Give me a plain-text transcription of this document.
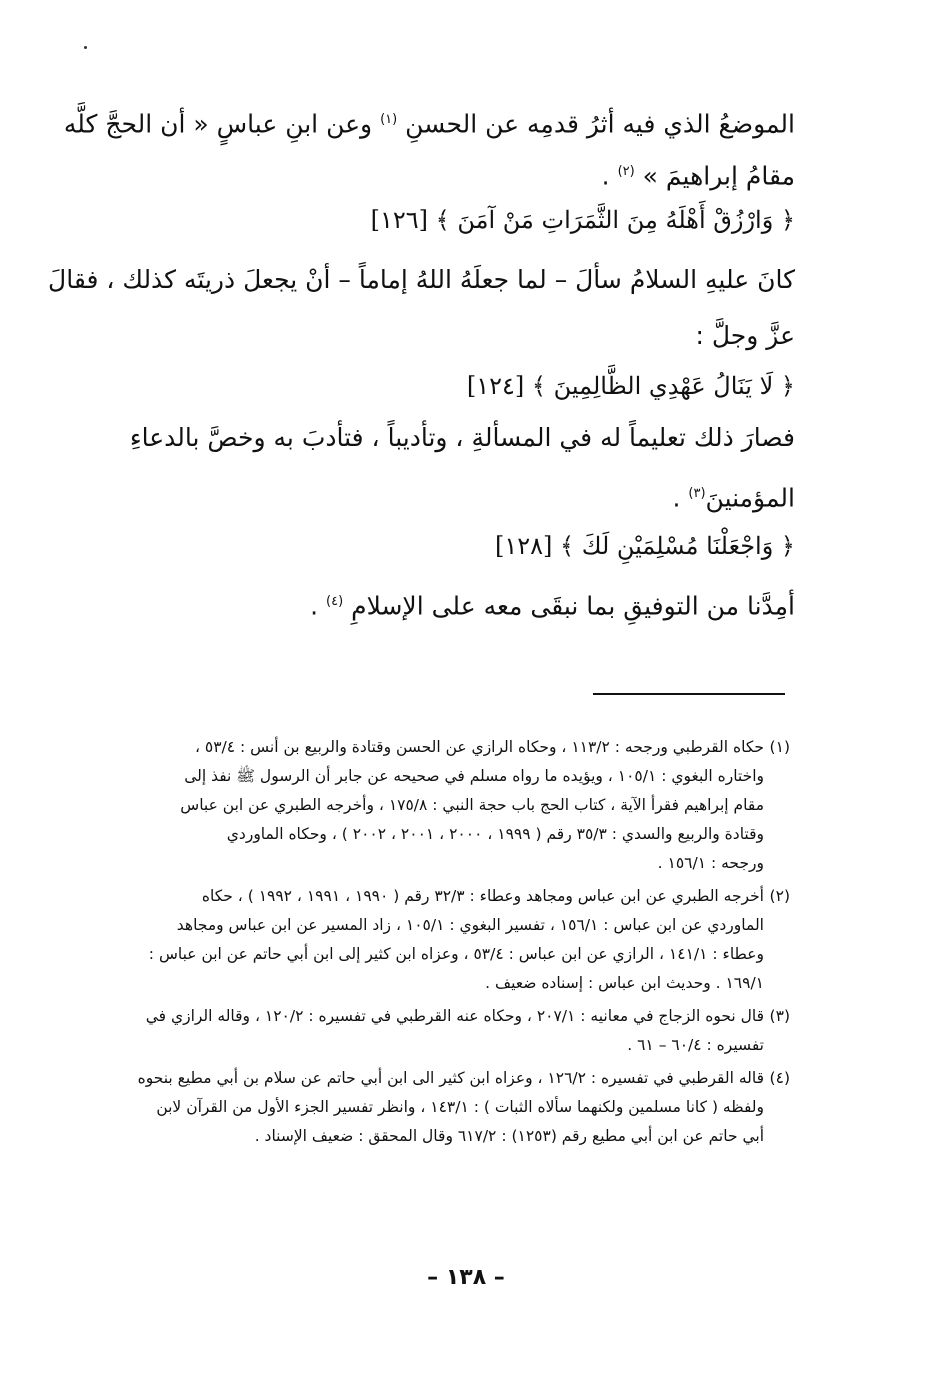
الموضعُ الذي فيه أثرُ قدمِه عن الحسنِ $^{(١)}$ وعن ابنِ عباسٍ « أن الحجَّ كلَّه

مقامُ إبراهيمَ » $^{(٢)}$ .

﴿ وَارْزُقْ أَهْلَهُ مِنَ الثَّمَرَاتِ مَنْ آمَنَ ﴾ [١٢٦]

كانَ عليهِ السلامُ سألَ – لما جعلَهُ اللهُ إماماً – أنْ يجعلَ ذريتَه كذلك ، فقالَ

عزَّ وجلَّ :

﴿ لَا يَنَالُ عَهْدِي الظَّالِمِينَ ﴾ [١٢٤]

فصارَ ذلك تعليماً له في المسألةِ ، وتأديباً ، فتأدبَ به وخصَّ بالدعاءِ

المؤمنينَ$^{(٣)}$ .

﴿ وَاجْعَلْنَا مُسْلِمَيْنِ لَكَ ﴾ [١٢٨]

أمِدَّنا من التوفيقِ بما نبقَى معه على الإسلامِ $^{(٤)}$ .

(١)حكاه القرطبي ورجحه : ١١٣/٢ ، وحكاه الرازي عن الحسن وقتادة والربيع بن أنس : ٥٣/٤ ،
واختاره البغوي : ١٠٥/١ ، ويؤيده ما رواه مسلم في صحيحه عن جابر أن الرسول ﷺ نفذ إلى
مقام إبراهيم فقرأ الآية ، كتاب الحج باب حجة النبي : ١٧٥/٨ ، وأخرجه الطبري عن ابن عباس
وقتادة والربيع والسدي : ٣٥/٣ رقم ( ١٩٩٩ ، ٢٠٠٠ ، ٢٠٠١ ، ٢٠٠٢ ) ، وحكاه الماوردي
ورجحه : ١٥٦/١ .
(٢)أخرجه الطبري عن ابن عباس ومجاهد وعطاء : ٣٢/٣ رقم ( ١٩٩٠ ، ١٩٩١ ، ١٩٩٢ ) ، حكاه
الماوردي عن ابن عباس : ١٥٦/١ ، تفسير البغوي : ١٠٥/١ ، زاد المسير عن ابن عباس ومجاهد
وعطاء : ١٤١/١ ، الرازي عن ابن عباس : ٥٣/٤ ، وعزاه ابن كثير إلى ابن أبي حاتم عن ابن عباس :
١٦٩/١ . وحديث ابن عباس : إسناده ضعيف .
(٣)قال نحوه الزجاج في معانيه : ٢٠٧/١ ، وحكاه عنه القرطبي في تفسيره : ١٢٠/٢ ، وقاله الرازي في
تفسيره : ٦٠/٤ – ٦١ .
(٤)قاله القرطبي في تفسيره : ١٢٦/٢ ، وعزاه ابن كثير الى ابن أبي حاتم عن سلام بن أبي مطيع بنحوه
ولفظه ( كانا مسلمين ولكنهما سألاه الثبات ) : ١٤٣/١ ، وانظر تفسير الجزء الأول من القرآن لابن
أبي حاتم عن ابن أبي مطيع رقم (١٢٥٣) : ٦١٧/٢ وقال المحقق : ضعيف الإسناد .
– ١٣٨ –
